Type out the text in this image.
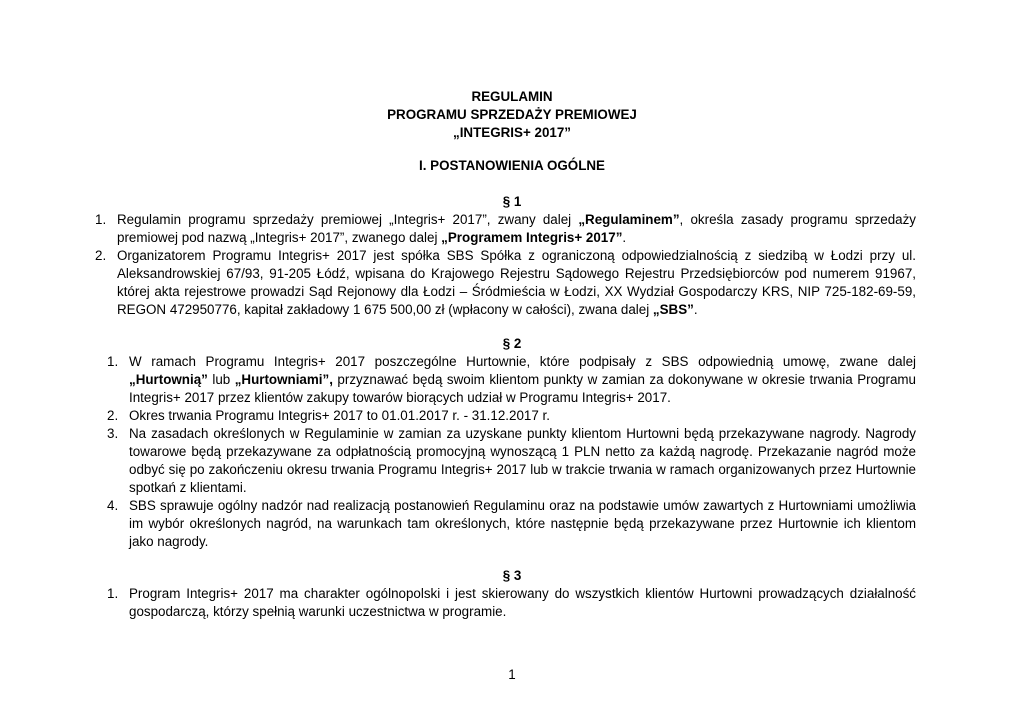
REGULAMIN
PROGRAMU SPRZEDAŻY PREMIOWEJ
„INTEGRIS+ 2017”
I. POSTANOWIENIA OGÓLNE
§ 1
1. Regulamin programu sprzedaży premiowej „Integris+ 2017”, zwany dalej „Regulaminem”, określa zasady programu sprzedaży premiowej pod nazwą „Integris+ 2017”, zwanego dalej „Programem Integris+ 2017”.
2. Organizatorem Programu Integris+ 2017 jest spółka SBS Spółka z ograniczoną odpowiedzialnością z siedzibą w Łodzi przy ul. Aleksandrowskiej 67/93, 91-205 Łódź, wpisana do Krajowego Rejestru Sądowego Rejestru Przedsiębiorców pod numerem 91967, której akta rejestrowe prowadzi Sąd Rejonowy dla Łodzi – Śródmieścia w Łodzi, XX Wydział Gospodarczy KRS, NIP 725-182-69-59, REGON 472950776, kapitał zakładowy 1 675 500,00 zł (wpłacony w całości), zwana dalej „SBS”.
§ 2
1. W ramach Programu Integris+ 2017 poszczególne Hurtownie, które podpisały z SBS odpowiednią umowę, zwane dalej „Hurtownią” lub „Hurtowniami”, przyznawać będą swoim klientom punkty w zamian za dokonywane w okresie trwania Programu Integris+ 2017 przez klientów zakupy towarów biorących udział w Programu Integris+ 2017.
2. Okres trwania Programu Integris+ 2017 to 01.01.2017 r. - 31.12.2017 r.
3. Na zasadach określonych w Regulaminie w zamian za uzyskane punkty klientom Hurtowni będą przekazywane nagrody. Nagrody towarowe będą przekazywane za odpłatnością promocyjną wynoszącą 1 PLN netto za każdą nagrodę. Przekazanie nagród może odbyć się po zakończeniu okresu trwania Programu Integris+ 2017 lub w trakcie trwania w ramach organizowanych przez Hurtownie spotkań z klientami.
4. SBS sprawuje ogólny nadzór nad realizacją postanowień Regulaminu oraz na podstawie umów zawartych z Hurtowniami umożliwia im wybór określonych nagród, na warunkach tam określonych, które następnie będą przekazywane przez Hurtownie ich klientom jako nagrody.
§ 3
1. Program Integris+ 2017 ma charakter ogólnopolski i jest skierowany do wszystkich klientów Hurtowni prowadzących działalność gospodarczą, którzy spełnią warunki uczestnictwa w programie.
1
